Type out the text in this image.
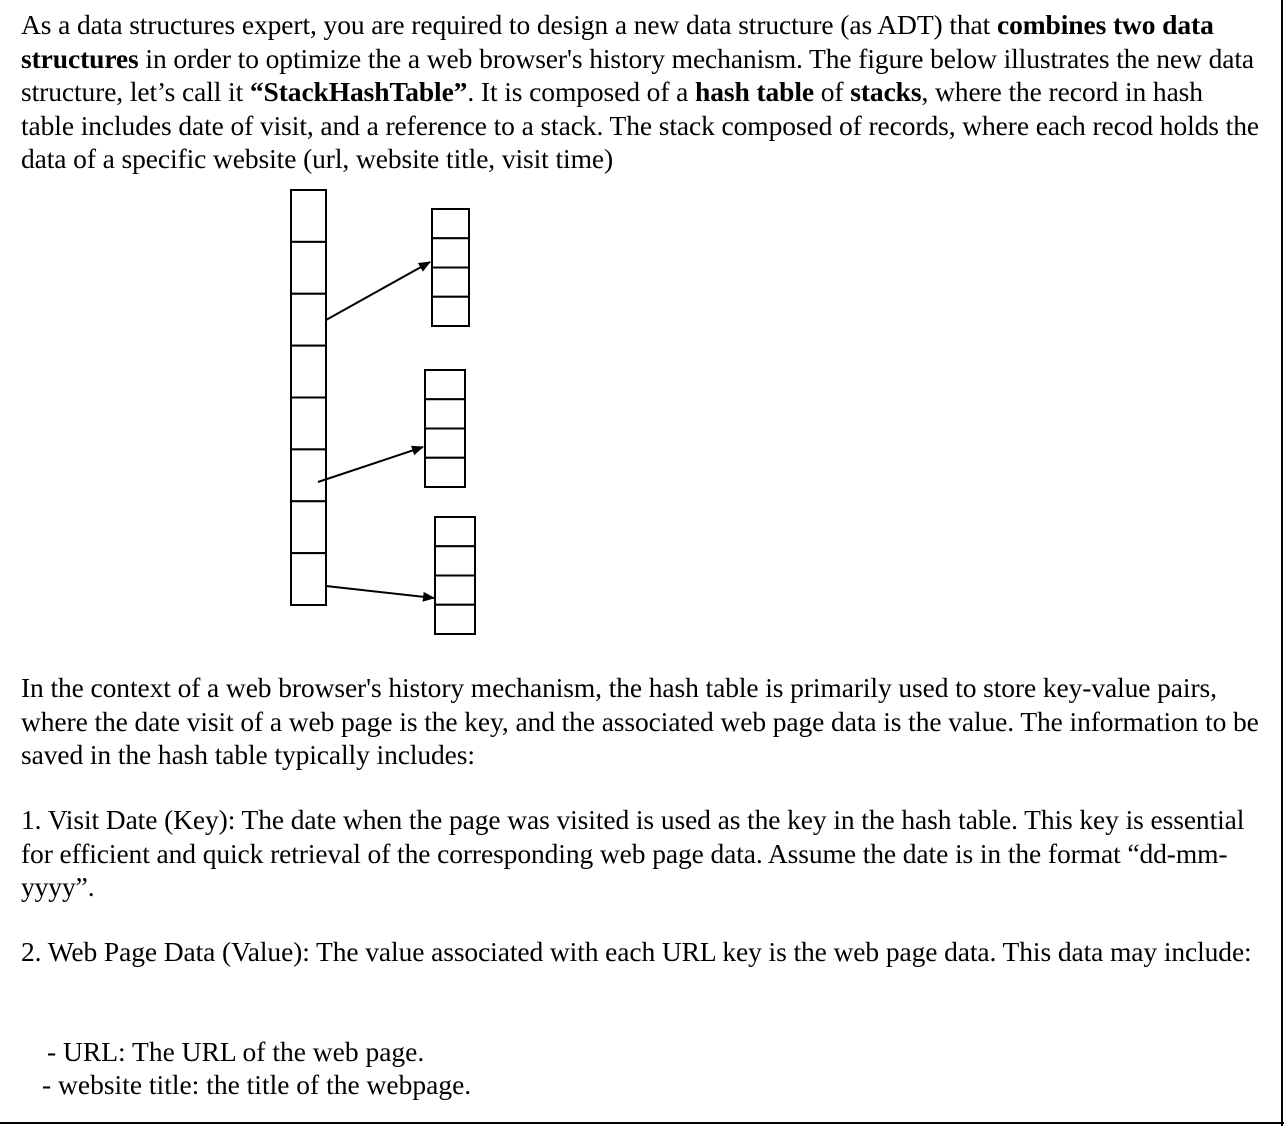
As a data structures expert, you are required to design a new data structure (as ADT) that combines two data structures in order to optimize the a web browser's history mechanism. The figure below illustrates the new data structure, let’s call it “StackHashTable”. It is composed of a hash table of stacks, where the record in hash table includes date of visit, and a reference to a stack. The stack composed of records, where each recod holds the data of a specific website (url, website title, visit time)

In the context of a web browser's history mechanism, the hash table is primarily used to store key-value pairs, where the date visit of a web page is the key, and the associated web page data is the value. The information to be saved in the hash table typically includes:

1. Visit Date (Key): The date when the page was visited is used as the key in the hash table. This key is essential for efficient and quick retrieval of the corresponding web page data. Assume the date is in the format “dd-mm-yyyy”.

2. Web Page Data (Value): The value associated with each URL key is the web page data. This data may include:

- URL: The URL of the web page.

- website title: the title of the webpage.
